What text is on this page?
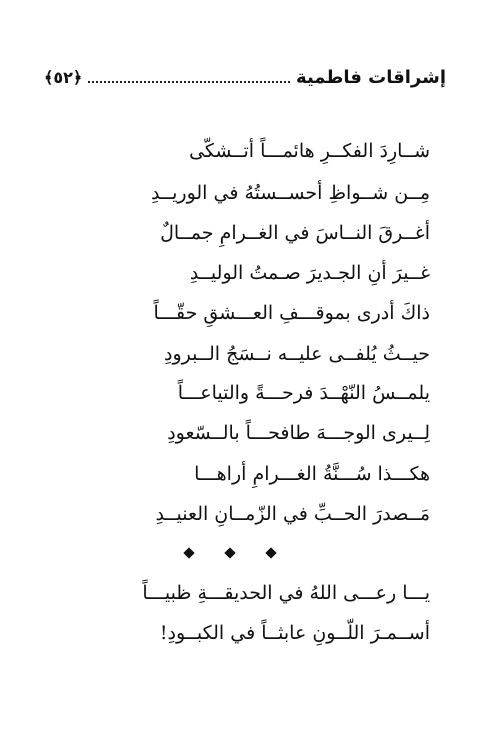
إشراقات فاطمية
﴿٥٢﴾
شــارِدَ الفكــرِ هائمـــاً أتــشكّى
مِــن شــواظِ أحســستُهُ في الوريــدِ
أغــرقَ النــاسَ في الغــرامِ جمــالٌ
غــيرَ أنِ الجـديرَ صـمتُ الوليــدِ
ذاكَ أدرى بموقـــفِ العـــشقِ حقّـــاً
حيــثُ يُلفــى عليــه نــسَجُ الــبرودِ
يلمــسُ النّهْــدَ فرحـــةً والتياعـــاً
لِــيرى الوجـــهَ طافحـــاً بالــسّعودِ
هكـــذا سُـــنَّةُ الغـــرامِ أراهـــا
مَــصدرَ الحــبِّ في الزّمــانِ العنيــدِ
يـــا رعـــى اللهُ في الحديقـــةِ ظبيـــاً
أســمـرَ اللّــونِ عابثــاً في الكبــودِ!
